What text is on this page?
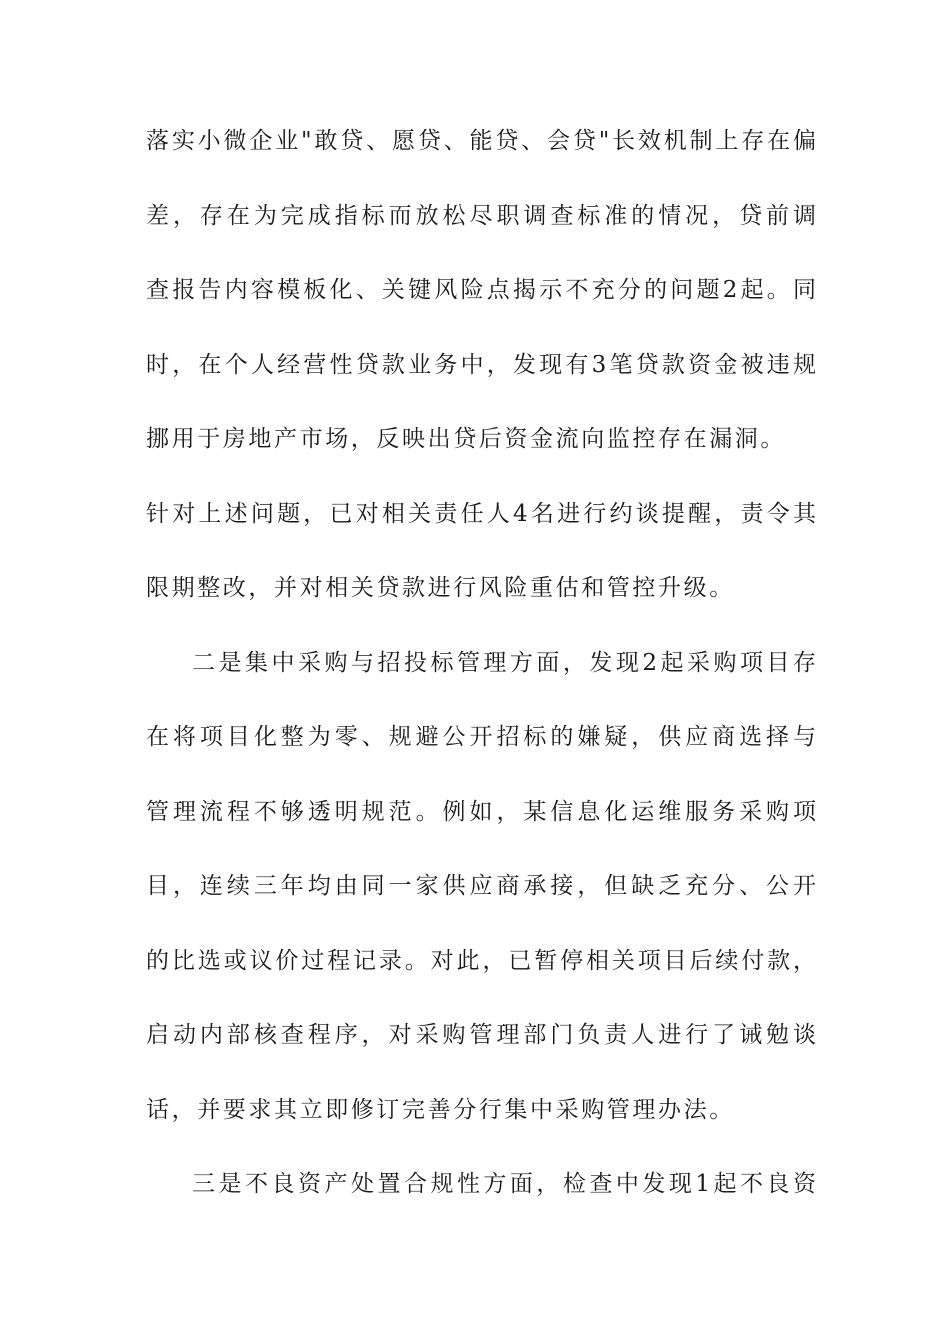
落实小微企业"敢贷、愿贷、能贷、会贷"长效机制上存在偏
差，存在为完成指标而放松尽职调查标准的情况，贷前调
查报告内容模板化、关键风险点揭示不充分的问题2起。同
时，在个人经营性贷款业务中，发现有3笔贷款资金被违规
挪用于房地产市场，反映出贷后资金流向监控存在漏洞。
针对上述问题，已对相关责任人4名进行约谈提醒，责令其
限期整改，并对相关贷款进行风险重估和管控升级。
二是集中采购与招投标管理方面，发现2起采购项目存
在将项目化整为零、规避公开招标的嫌疑，供应商选择与
管理流程不够透明规范。例如，某信息化运维服务采购项
目，连续三年均由同一家供应商承接，但缺乏充分、公开
的比选或议价过程记录。对此，已暂停相关项目后续付款，
启动内部核查程序，对采购管理部门负责人进行了诫勉谈
话，并要求其立即修订完善分行集中采购管理办法。
三是不良资产处置合规性方面，检查中发现1起不良资
